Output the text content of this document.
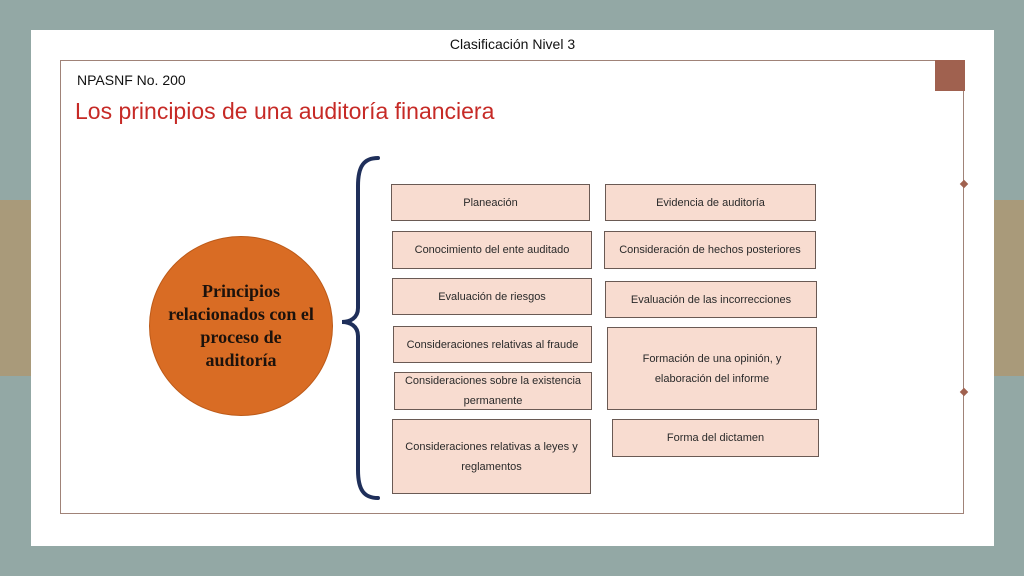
Clasificación Nivel 3
NPASNF No. 200
Los principios de una auditoría financiera
Principios relacionados con el proceso de auditoría
Planeación
Conocimiento del ente auditado
Evaluación de riesgos
Consideraciones relativas al fraude
Consideraciones sobre la existencia permanente
Consideraciones relativas a leyes y reglamentos
Evidencia de auditoría
Consideración de hechos posteriores
Evaluación de las incorrecciones
Formación de una opinión, y elaboración del informe
Forma del dictamen
